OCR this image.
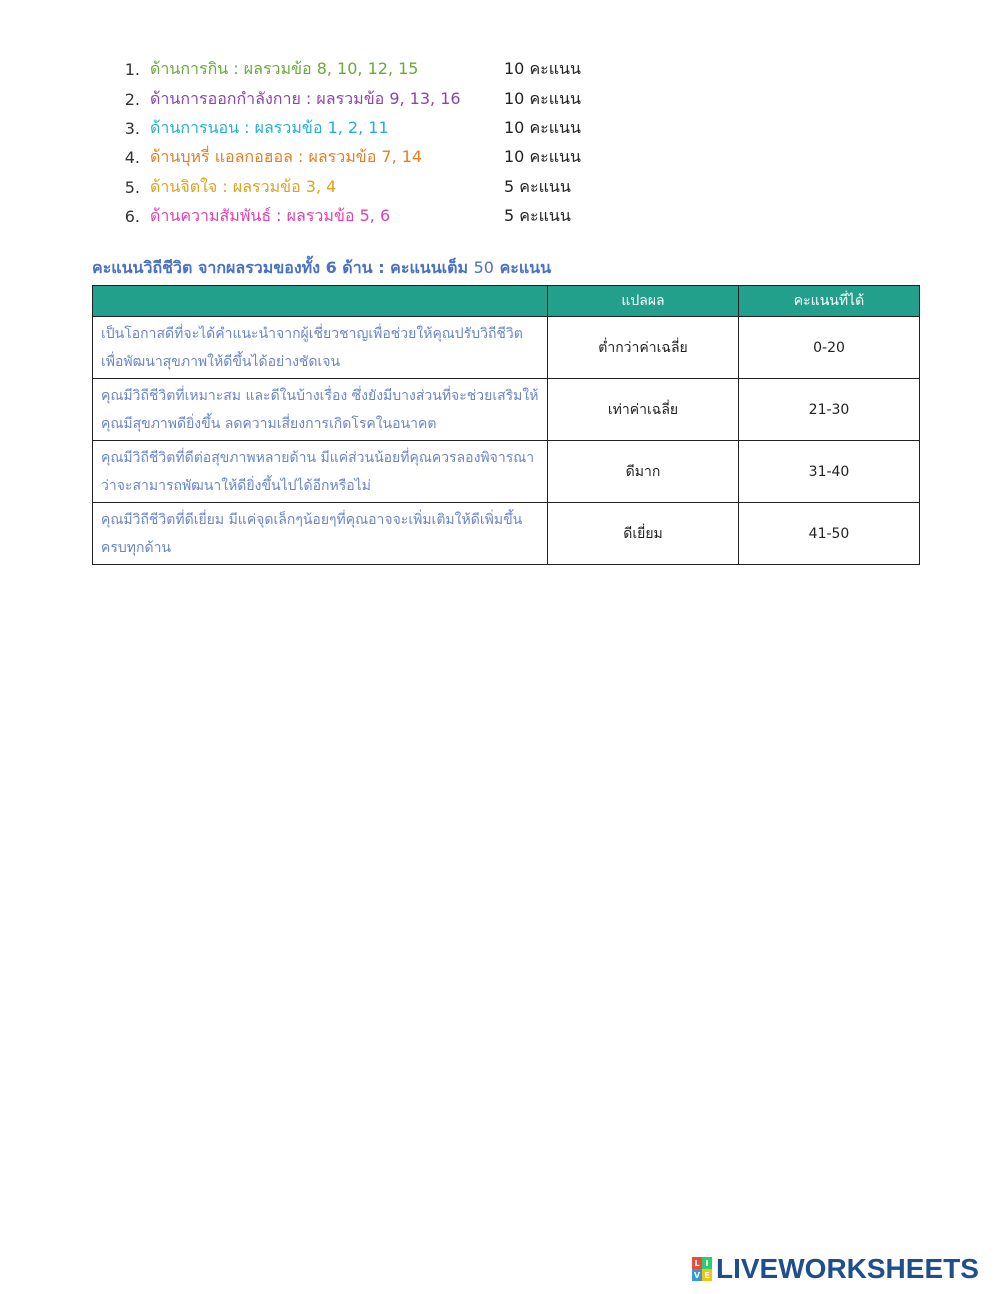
1. ด้านการกิน : ผลรวมข้อ 8, 10, 12, 15	10 คะแนน
2. ด้านการออกกำลังกาย : ผลรวมข้อ 9, 13, 16	10 คะแนน
3. ด้านการนอน : ผลรวมข้อ 1, 2, 11	10 คะแนน
4. ด้านบุหรี่ แอลกอฮอล : ผลรวมข้อ 7, 14	10 คะแนน
5. ด้านจิตใจ : ผลรวมข้อ 3, 4	5 คะแนน
6. ด้านความสัมพันธ์ : ผลรวมข้อ 5, 6	5 คะแนน
คะแนนวิถีชีวิต จากผลรวมของทั้ง 6 ด้าน : คะแนนเต็ม 50 คะแนน
	แปลผล	คะแนนที่ได้
เป็นโอกาสดีที่จะได้คำแนะนำจากผู้เชี่ยวชาญเพื่อช่วยให้คุณปรับวิถีชีวิตเพื่อพัฒนาสุขภาพให้ดีขึ้นได้อย่างชัดเจน	ต่ำกว่าค่าเฉลี่ย	0-20
คุณมีวิถีชีวิตที่เหมาะสม และดีในบ้างเรื่อง ซึ่งยังมีบางส่วนที่จะช่วยเสริมให้คุณมีสุขภาพดียิ่งขึ้น ลดความเสี่ยงการเกิดโรคในอนาคต	เท่าค่าเฉลี่ย	21-30
คุณมีวิถีชีวิตที่ดีต่อสุขภาพหลายด้าน มีแค่ส่วนน้อยที่คุณควรลองพิจารณาว่าจะสามารถพัฒนาให้ดียิ่งขึ้นไปได้อีกหรือไม่	ดีมาก	31-40
คุณมีวิถีชีวิตที่ดีเยี่ยม มีแค่จุดเล็กๆน้อยๆที่คุณอาจจะเพิ่มเติมให้ดีเพิ่มขึ้นครบทุกด้าน	ดีเยี่ยม	41-50
L I
V E LIVEWORKSHEETS
